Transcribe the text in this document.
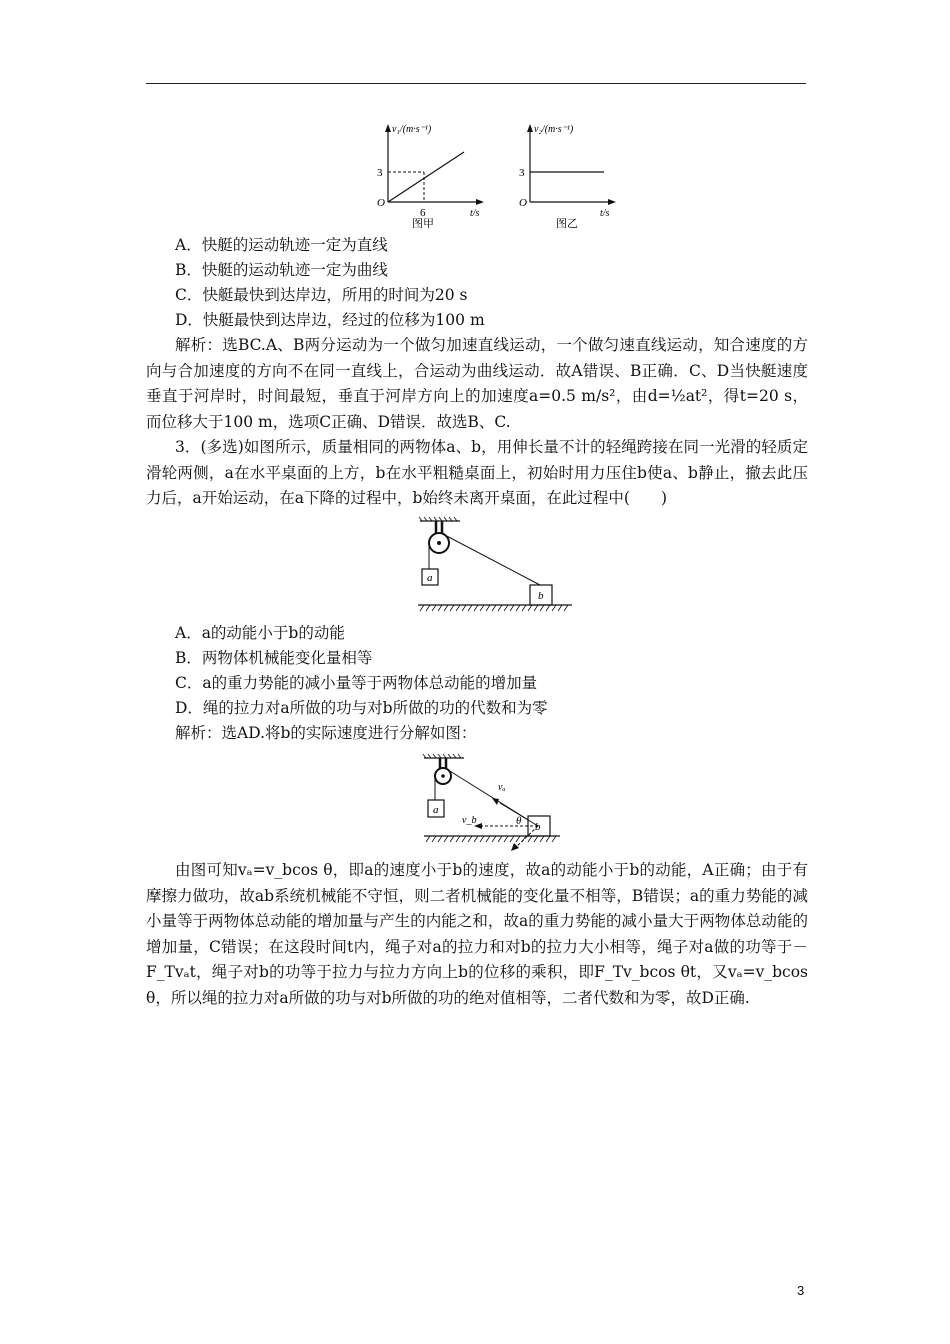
v₁/(m·s⁻¹)
3
O
6	t/s
图甲
v₂/(m·s⁻¹)
3
O
t/s
图乙

A．快艇的运动轨迹一定为直线

B．快艇的运动轨迹一定为曲线

C．快艇最快到达岸边，所用的时间为20 s

D．快艇最快到达岸边，经过的位移为100 m

解析：选BC.A、B两分运动为一个做匀加速直线运动，一个做匀速直线运动，知合速度的方向与合加速度的方向不在同一直线上，合运动为曲线运动．故A错误、B正确．C、D当快艇速度垂直于河岸时，时间最短，垂直于河岸方向上的加速度a=0.5 m/s²，由d=½at²，得t=20 s，而位移大于100 m，选项C正确、D错误．故选B、C.

3．(多选)如图所示，质量相同的两物体a、b，用伸长量不计的轻绳跨接在同一光滑的轻质定滑轮两侧，a在水平桌面的上方，b在水平粗糙桌面上，初始时用力压住b使a、b静止，撤去此压力后，a开始运动，在a下降的过程中，b始终未离开桌面，在此过程中(　　)

a
b

A．a的动能小于b的动能

B．两物体机械能变化量相等

C．a的重力势能的减小量等于两物体总动能的增加量

D．绳的拉力对a所做的功与对b所做的功的代数和为零

解析：选AD.将b的实际速度进行分解如图：

a
b
vₐ
v_b	θ

由图可知vₐ=v_bcos θ，即a的速度小于b的速度，故a的动能小于b的动能，A正确；由于有摩擦力做功，故ab系统机械能不守恒，则二者机械能的变化量不相等，B错误；a的重力势能的减小量等于两物体总动能的增加量与产生的内能之和，故a的重力势能的减小量大于两物体总动能的增加量，C错误；在这段时间t内，绳子对a的拉力和对b的拉力大小相等，绳子对a做的功等于－F_Tvₐt，绳子对b的功等于拉力与拉力方向上b的位移的乘积，即F_Tv_bcos θt，又vₐ=v_bcos θ，所以绳的拉力对a所做的功与对b所做的功的绝对值相等，二者代数和为零，故D正确.

3
